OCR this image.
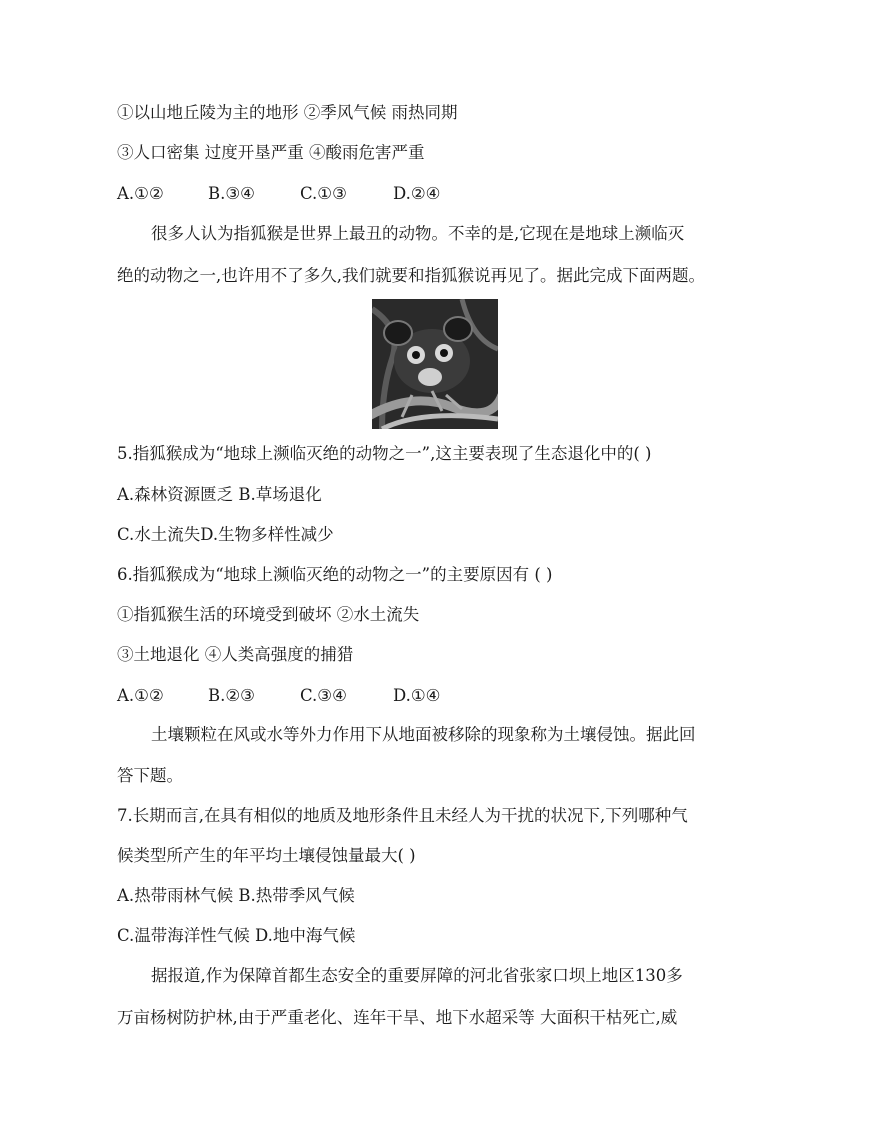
①以山地丘陵为主的地形 ②季风气候 雨热同期
③人口密集 过度开垦严重 ④酸雨危害严重
A.①②	B.③④	C.①③	D.②④
很多人认为指狐猴是世界上最丑的动物。不幸的是,它现在是地球上濒临灭
绝的动物之一,也许用不了多久,我们就要和指狐猴说再见了。据此完成下面两题。
5.指狐猴成为“地球上濒临灭绝的动物之一”,这主要表现了生态退化中的( )
A.森林资源匮乏 B.草场退化
C.水土流失D.生物多样性减少
6.指狐猴成为“地球上濒临灭绝的动物之一”的主要原因有 ( )
①指狐猴生活的环境受到破坏 ②水土流失
③土地退化 ④人类高强度的捕猎
A.①②	B.②③	C.③④	D.①④
土壤颗粒在风或水等外力作用下从地面被移除的现象称为土壤侵蚀。据此回
答下题。
7.长期而言,在具有相似的地质及地形条件且未经人为干扰的状况下,下列哪种气
候类型所产生的年平均土壤侵蚀量最大( )
A.热带雨林气候 B.热带季风气候
C.温带海洋性气候 D.地中海气候
据报道,作为保障首都生态安全的重要屏障的河北省张家口坝上地区130多
万亩杨树防护林,由于严重老化、连年干旱、地下水超采等 大面积干枯死亡,威
